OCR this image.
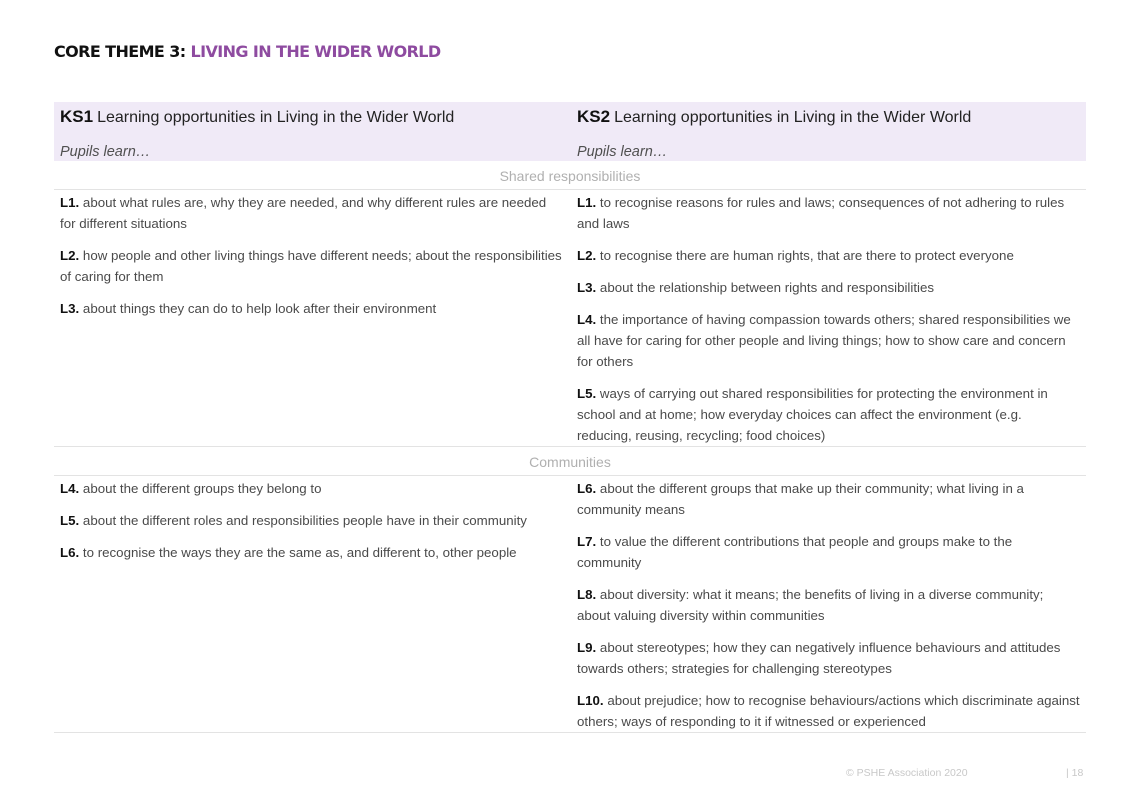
CORE THEME 3: LIVING IN THE WIDER WORLD
KS1 Learning opportunities in Living in the Wider World
Pupils learn…
KS2 Learning opportunities in Living in the Wider World
Pupils learn…
Shared responsibilities

L1. about what rules are, why they are needed, and why different rules are needed for different situations

L2. how people and other living things have different needs; about the responsibilities of caring for them

L3. about things they can do to help look after their environment

L1. to recognise reasons for rules and laws; consequences of not adhering to rules and laws

L2. to recognise there are human rights, that are there to protect everyone

L3. about the relationship between rights and responsibilities

L4. the importance of having compassion towards others; shared responsibilities we all have for caring for other people and living things; how to show care and concern for others

L5. ways of carrying out shared responsibilities for protecting the environment in school and at home; how everyday choices can affect the environment (e.g. reducing, reusing, recycling; food choices)

Communities

L4. about the different groups they belong to

L5. about the different roles and responsibilities people have in their community

L6. to recognise the ways they are the same as, and different to, other people

L6. about the different groups that make up their community; what living in a community means

L7. to value the different contributions that people and groups make to the community

L8. about diversity: what it means; the benefits of living in a diverse community; about valuing diversity within communities

L9. about stereotypes; how they can negatively influence behaviours and attitudes towards others; strategies for challenging stereotypes

L10. about prejudice; how to recognise behaviours/actions which discriminate against others; ways of responding to it if witnessed or experienced

© PSHE Association 2020	| 18
